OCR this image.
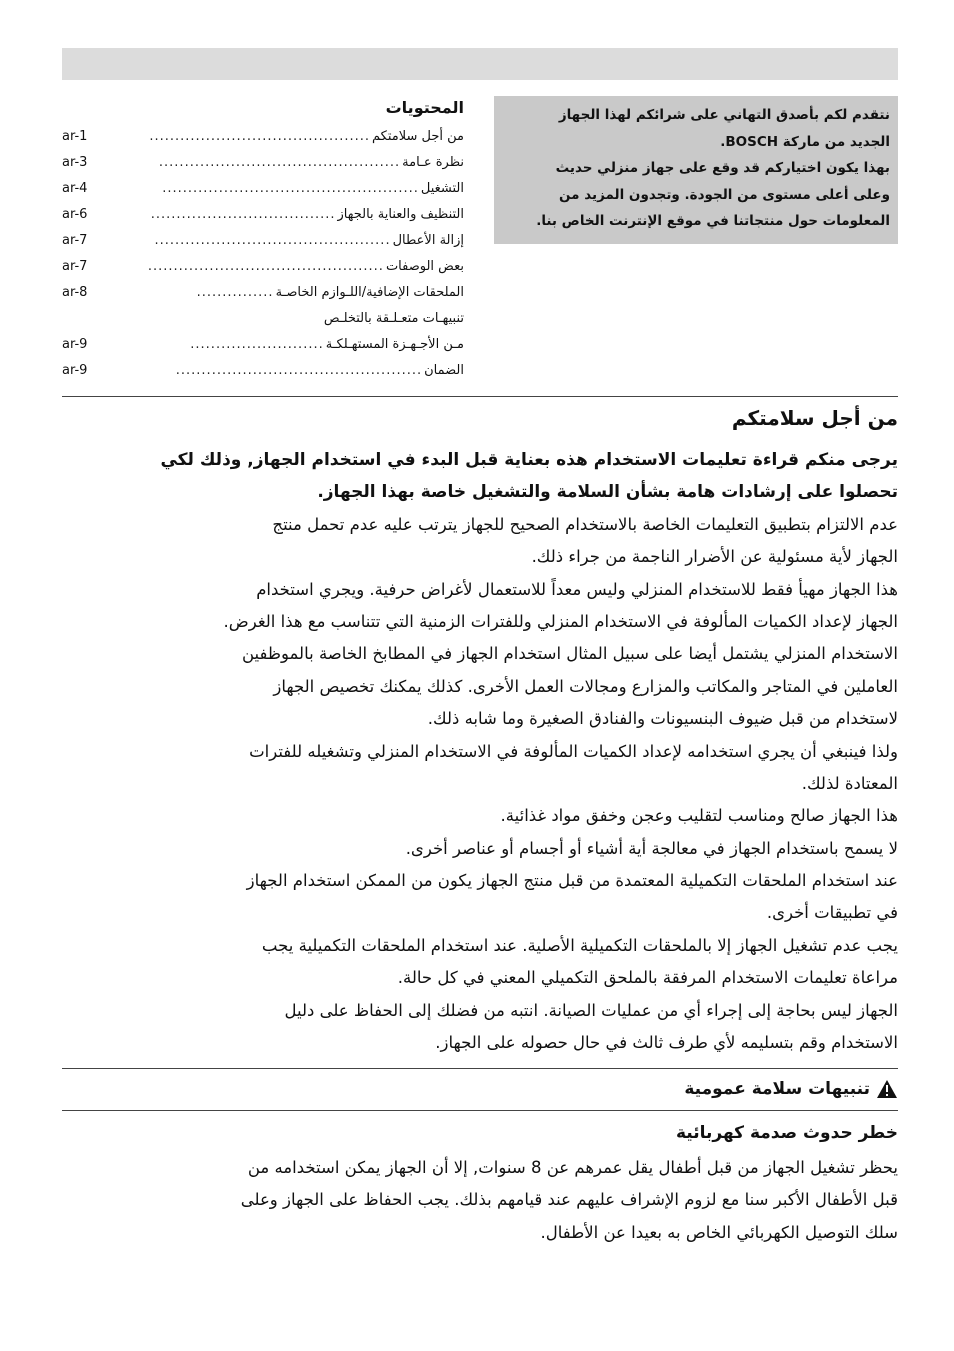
نتقدم لكم بأصدق التهاني على شرائكم لهذا الجهاز
الجديد من ماركة BOSCH.
بهذا يكون اختياركم قد وقع على جهاز منزلي حديث
وعلى أعلى مستوى من الجودة. وتجدون المزيد من
المعلومات حول منتجاتنا في موقع الإنترنت الخاص بنا.
المحتويات
من أجل سلامتكم
...........................................
ar-1
نظرة عـامة
...............................................
ar-3
التشغيل
..................................................
ar-4
التنظيف والعناية بالجهاز
....................................
ar-6
إزالة الأعطال
..............................................
ar-7
بعض الوصفات
..............................................
ar-7
الملحقات الإضافية/اللـوازم الخاصـة
...............
ar-8
تنبيهـات متعـلـقة بالتخلـص
مـن الأجـهـزة المستهـلكـة
..........................
ar-9
الضمان
................................................
ar-9
من أجل سلامتكم
يرجى منكم قراءة تعليمات الاستخدام هذه بعناية قبل البدء في استخدام الجهاز, وذلك لكي
تحصلوا على إرشادات هامة بشأن السلامة والتشغيل خاصة بهذا الجهاز.
عدم الالتزام بتطبيق التعليمات الخاصة بالاستخدام الصحيح للجهاز يترتب عليه عدم تحمل منتج
الجهاز لأية مسئولية عن الأضرار الناجمة من جراء ذلك.
هذا الجهاز مهيأ فقط للاستخدام المنزلي وليس معداً للاستعمال لأغراض حرفية. ويجري استخدام
الجهاز لإعداد الكميات المألوفة في الاستخدام المنزلي وللفترات الزمنية التي تتناسب مع هذا الغرض.
الاستخدام المنزلي يشتمل أيضا على سبيل المثال استخدام الجهاز في المطابخ الخاصة بالموظفين
العاملين في المتاجر والمكاتب والمزارع ومجالات العمل الأخرى. كذلك يمكنك تخصيص الجهاز
لاستخدام من قبل ضيوف البنسيونات والفنادق الصغيرة وما شابه ذلك.
ولذا فينبغي أن يجري استخدامه لإعداد الكميات المألوفة في الاستخدام المنزلي وتشغيله للفترات
المعتادة لذلك.
هذا الجهاز صالح ومناسب لتقليب وعجن وخفق مواد غذائية.
لا يسمح باستخدام الجهاز في معالجة أية أشياء أو أجسام أو عناصر أخرى.
عند استخدام الملحقات التكميلية المعتمدة من قبل منتج الجهاز يكون من الممكن استخدام الجهاز
في تطبيقات أخرى.
يجب عدم تشغيل الجهاز إلا بالملحقات التكميلية الأصلية. عند استخدام الملحقات التكميلية يجب
مراعاة تعليمات الاستخدام المرفقة بالملحق التكميلي المعني في كل حالة.
الجهاز ليس بحاجة إلى إجراء أي من عمليات الصيانة. انتبه من فضلك إلى الحفاظ على دليل
الاستخدام وقم بتسليمه لأي طرف ثالث في حال حصوله على الجهاز.
تنبيهات سلامة عمومية
خطر حدوث صدمة كهربائية
يحظر تشغيل الجهاز من قبل أطفال يقل عمرهم عن 8 سنوات, إلا أن الجهاز يمكن استخدامه من
قبل الأطفال الأكبر سنا مع لزوم الإشراف عليهم عند قيامهم بذلك. يجب الحفاظ على الجهاز وعلى
سلك التوصيل الكهربائي الخاص به بعيدا عن الأطفال.
